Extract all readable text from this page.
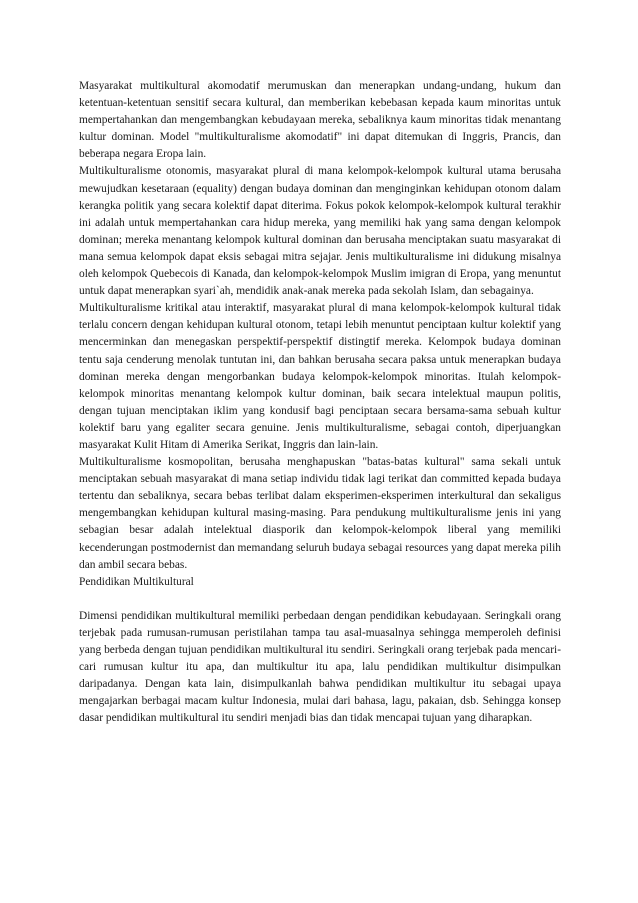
Masyarakat multikultural akomodatif merumuskan dan menerapkan undang-undang, hukum dan ketentuan-ketentuan sensitif secara kultural, dan memberikan kebebasan kepada kaum minoritas untuk mempertahankan dan mengembangkan kebudayaan mereka, sebaliknya kaum minoritas tidak menantang kultur dominan. Model "multikulturalisme akomodatif" ini dapat ditemukan di Inggris, Prancis, dan beberapa negara Eropa lain.

Multikulturalisme otonomis, masyarakat plural di mana kelompok-kelompok kultural utama berusaha mewujudkan kesetaraan (equality) dengan budaya dominan dan menginginkan kehidupan otonom dalam kerangka politik yang secara kolektif dapat diterima. Fokus pokok kelompok-kelompok kultural terakhir ini adalah untuk mempertahankan cara hidup mereka, yang memiliki hak yang sama dengan kelompok dominan; mereka menantang kelompok kultural dominan dan berusaha menciptakan suatu masyarakat di mana semua kelompok dapat eksis sebagai mitra sejajar. Jenis multikulturalisme ini didukung misalnya oleh kelompok Quebecois di Kanada, dan kelompok-kelompok Muslim imigran di Eropa, yang menuntut untuk dapat menerapkan syari`ah, mendidik anak-anak mereka pada sekolah Islam, dan sebagainya.

Multikulturalisme kritikal atau interaktif, masyarakat plural di mana kelompok-kelompok kultural tidak terlalu concern dengan kehidupan kultural otonom, tetapi lebih menuntut penciptaan kultur kolektif yang mencerminkan dan menegaskan perspektif-perspektif distingtif mereka. Kelompok budaya dominan tentu saja cenderung menolak tuntutan ini, dan bahkan berusaha secara paksa untuk menerapkan budaya dominan mereka dengan mengorbankan budaya kelompok-kelompok minoritas. Itulah kelompok-kelompok minoritas menantang kelompok kultur dominan, baik secara intelektual maupun politis, dengan tujuan menciptakan iklim yang kondusif bagi penciptaan secara bersama-sama sebuah kultur kolektif baru yang egaliter secara genuine. Jenis multikulturalisme, sebagai contoh, diperjuangkan masyarakat Kulit Hitam di Amerika Serikat, Inggris dan lain-lain.

Multikulturalisme kosmopolitan, berusaha menghapuskan "batas-batas kultural" sama sekali untuk menciptakan sebuah masyarakat di mana setiap individu tidak lagi terikat dan committed kepada budaya tertentu dan sebaliknya, secara bebas terlibat dalam eksperimen-eksperimen interkultural dan sekaligus mengembangkan kehidupan kultural masing-masing. Para pendukung multikulturalisme jenis ini yang sebagian besar adalah intelektual diasporik dan kelompok-kelompok liberal yang memiliki kecenderungan postmodernist dan memandang seluruh budaya sebagai resources yang dapat mereka pilih dan ambil secara bebas.

Pendidikan Multikultural

Dimensi pendidikan multikultural memiliki perbedaan dengan pendidikan kebudayaan. Seringkali orang terjebak pada rumusan-rumusan peristilahan tampa tau asal-muasalnya sehingga memperoleh definisi yang berbeda dengan tujuan pendidikan multikultural itu sendiri. Seringkali orang terjebak pada mencari-cari rumusan kultur itu apa, dan multikultur itu apa, lalu pendidikan multikultur disimpulkan daripadanya. Dengan kata lain, disimpulkanlah bahwa pendidikan multikultur itu sebagai upaya mengajarkan berbagai macam kultur Indonesia, mulai dari bahasa, lagu, pakaian, dsb. Sehingga konsep dasar pendidikan multikultural itu sendiri menjadi bias dan tidak mencapai tujuan yang diharapkan.
